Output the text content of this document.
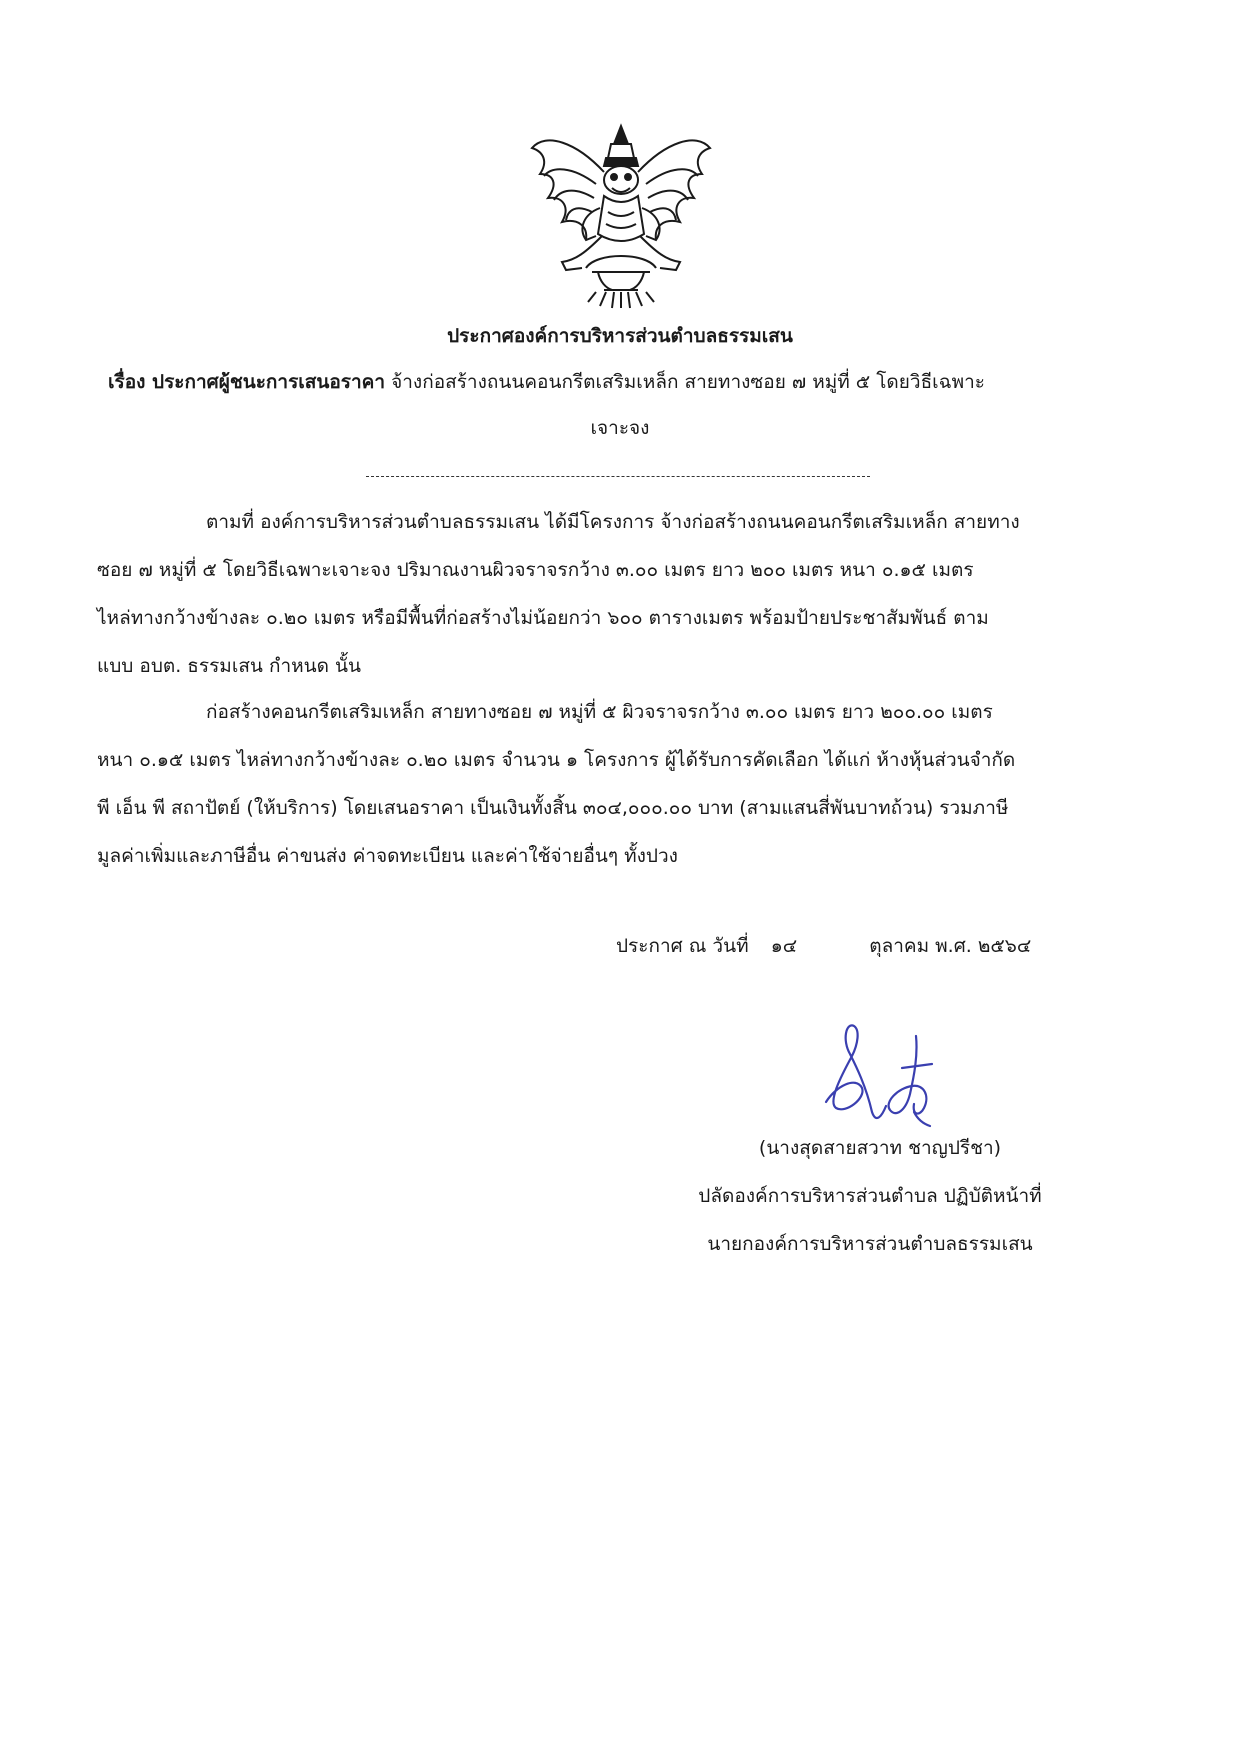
ประกาศองค์การบริหารส่วนตำบลธรรมเสน
เรื่อง ประกาศผู้ชนะการเสนอราคา จ้างก่อสร้างถนนคอนกรีตเสริมเหล็ก สายทางซอย ๗ หมู่ที่ ๕ โดยวิธีเฉพาะ
เจาะจง
ตามที่ องค์การบริหารส่วนตำบลธรรมเสน ได้มีโครงการ จ้างก่อสร้างถนนคอนกรีตเสริมเหล็ก สายทาง
ซอย ๗ หมู่ที่ ๕ โดยวิธีเฉพาะเจาะจง ปริมาณงานผิวจราจรกว้าง ๓.๐๐ เมตร ยาว ๒๐๐ เมตร หนา ๐.๑๕ เมตร
ไหล่ทางกว้างข้างละ ๐.๒๐ เมตร หรือมีพื้นที่ก่อสร้างไม่น้อยกว่า ๖๐๐ ตารางเมตร พร้อมป้ายประชาสัมพันธ์ ตาม
แบบ อบต. ธรรมเสน กำหนด นั้น
ก่อสร้างคอนกรีตเสริมเหล็ก สายทางซอย ๗ หมู่ที่ ๕ ผิวจราจรกว้าง ๓.๐๐ เมตร ยาว ๒๐๐.๐๐ เมตร
หนา ๐.๑๕ เมตร ไหล่ทางกว้างข้างละ ๐.๒๐ เมตร จำนวน ๑ โครงการ ผู้ได้รับการคัดเลือก ได้แก่ ห้างหุ้นส่วนจำกัด
พี เอ็น พี สถาปัตย์ (ให้บริการ) โดยเสนอราคา เป็นเงินทั้งสิ้น ๓๐๔,๐๐๐.๐๐ บาท (สามแสนสี่พันบาทถ้วน) รวมภาษี
มูลค่าเพิ่มและภาษีอื่น ค่าขนส่ง ค่าจดทะเบียน และค่าใช้จ่ายอื่นๆ ทั้งปวง
ประกาศ ณ วันที่ ๑๔	ตุลาคม พ.ศ. ๒๕๖๔
(นางสุดสายสวาท ชาญปรีชา)
ปลัดองค์การบริหารส่วนตำบล ปฏิบัติหน้าที่
นายกองค์การบริหารส่วนตำบลธรรมเสน
